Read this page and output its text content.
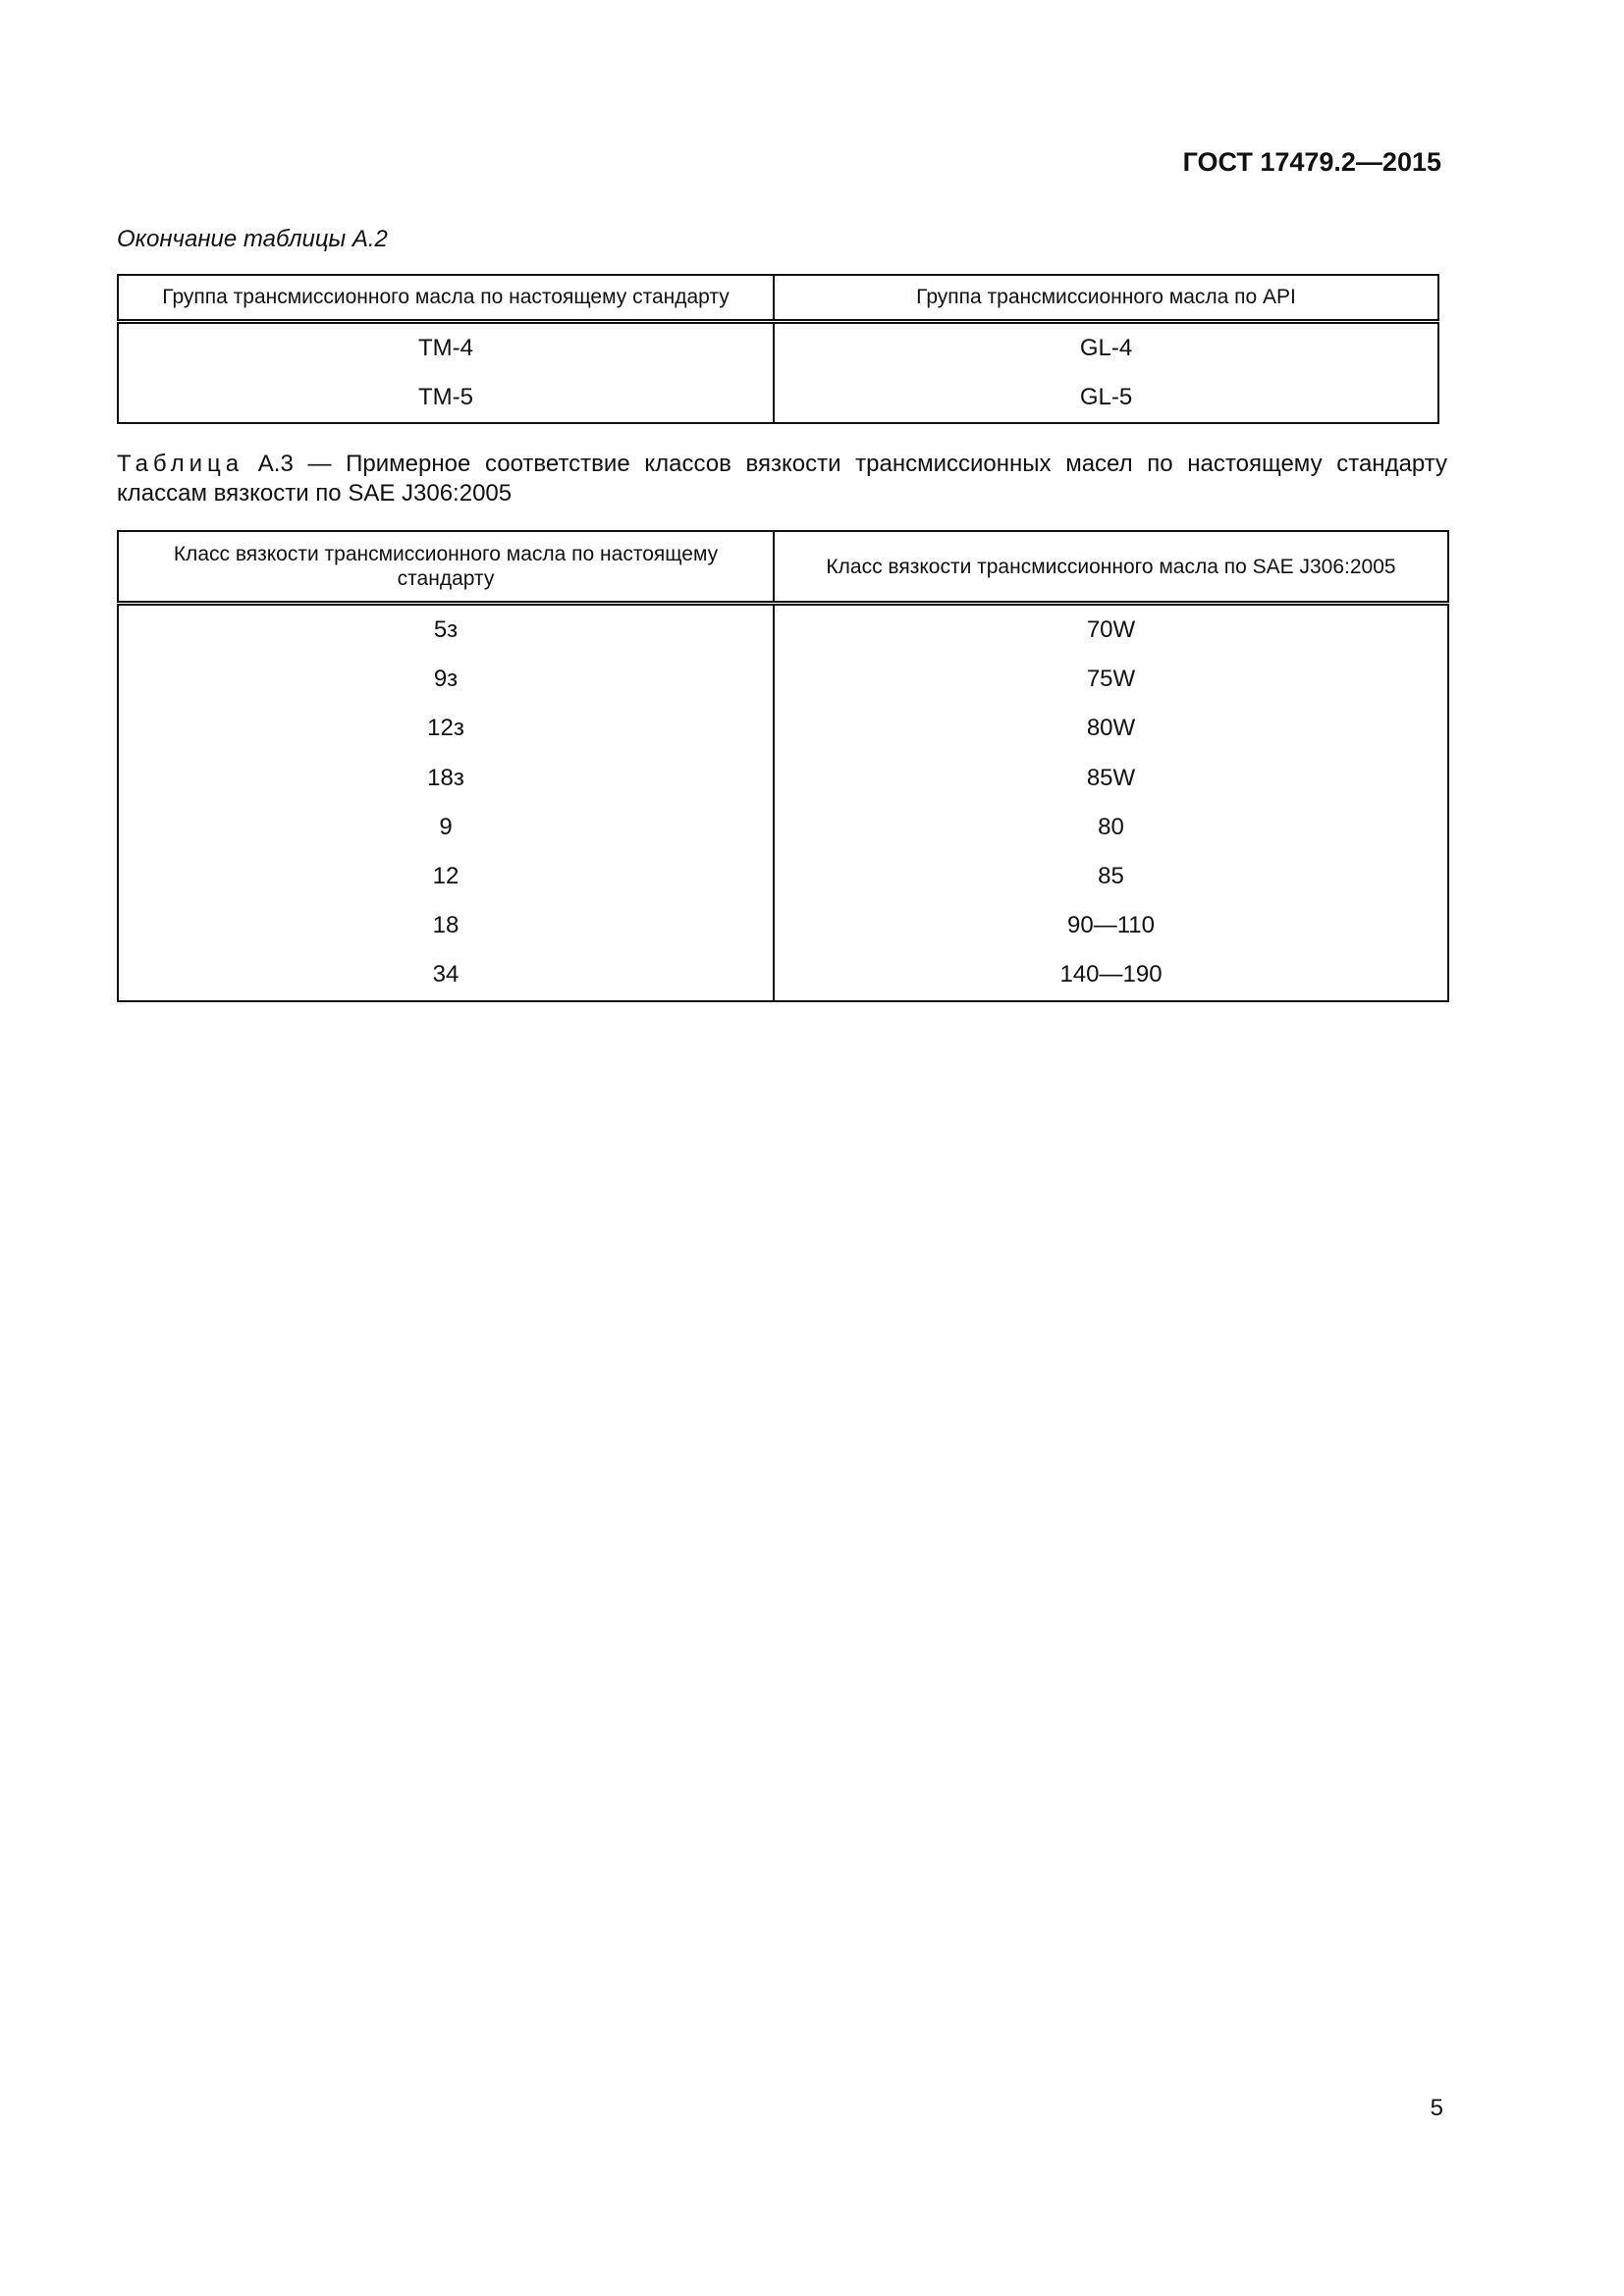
ГОСТ 17479.2—2015
Окончание таблицы А.2
Группа трансмиссионного масла по настоящему стандарту	Группа трансмиссионного масла по API
ТМ-4	GL-4
ТМ-5	GL-5
Таблица А.3 — Примерное соответствие классов вязкости трансмиссионных масел по настоящему стандарту классам вязкости по SAE J306:2005
Класс вязкости трансмиссионного масла по настоящему стандарту	Класс вязкости трансмиссионного масла по SAE J306:2005
5з	70W
9з	75W
12з	80W
18з	85W
9	80
12	85
18	90—110
34	140—190
5
